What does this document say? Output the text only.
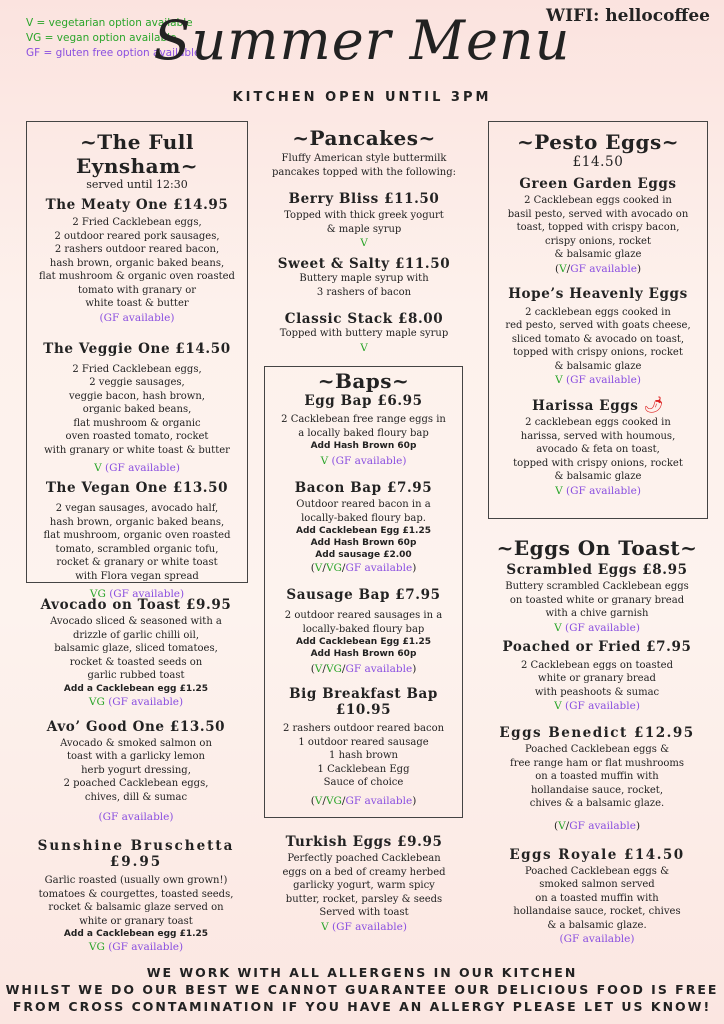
V = vegetarian option available
VG = vegan option available
GF = gluten free option available
WIFI: hellocoffee
Summer Menu
KITCHEN OPEN UNTIL 3PM
~The Full Eynsham~
served until 12:30
The Meaty One £14.95
2 Fried Cacklebean eggs,
2 outdoor reared pork sausages,
2 rashers outdoor reared bacon,
hash brown, organic baked beans,
flat mushroom & organic oven roasted
tomato with granary or
white toast & butter
(GF available)
The Veggie One £14.50
2 Fried Cacklebean eggs,
2 veggie sausages,
veggie bacon, hash brown,
organic baked beans,
flat mushroom & organic
oven roasted tomato, rocket
with granary or white toast & butter
V (GF available)
The Vegan One £13.50
2 vegan sausages, avocado half,
hash brown, organic baked beans,
flat mushroom, organic oven roasted
tomato, scrambled organic tofu,
rocket & granary or white toast
with Flora vegan spread
VG (GF available)
Avocado on Toast £9.95
Avocado sliced & seasoned with a
drizzle of garlic chilli oil,
balsamic glaze, sliced tomatoes,
rocket & toasted seeds on
garlic rubbed toast
Add a Cacklebean egg £1.25
VG (GF available)
Avo’ Good One £13.50
Avocado & smoked salmon on
toast with a garlicky lemon
herb yogurt dressing,
2 poached Cacklebean eggs,
chives, dill & sumac
(GF available)
Sunshine Bruschetta
£9.95
Garlic roasted (usually own grown!)
tomatoes & courgettes, toasted seeds,
rocket & balsamic glaze served on
white or granary toast
Add a Cacklebean egg £1.25
VG (GF available)
~Pancakes~
Fluffy American style buttermilk
pancakes topped with the following:
Berry Bliss £11.50
Topped with thick greek yogurt
& maple syrup
V
Sweet & Salty £11.50
Buttery maple syrup with
3 rashers of bacon
Classic Stack £8.00
Topped with buttery maple syrup
V
~Baps~
Egg Bap £6.95
2 Cacklebean free range eggs in
a locally baked floury bap
Add Hash Brown 60p
V (GF available)
Bacon Bap £7.95
Outdoor reared bacon in a
locally-baked floury bap.
Add Cacklebean Egg £1.25
Add Hash Brown 60p
Add sausage £2.00
(V/VG/GF available)
Sausage Bap £7.95
2 outdoor reared sausages in a
locally-baked floury bap
Add Cacklebean Egg £1.25
Add Hash Brown 60p
(V/VG/GF available)
Big Breakfast Bap £10.95
2 rashers outdoor reared bacon
1 outdoor reared sausage
1 hash brown
1 Cacklebean Egg
Sauce of choice
(V/VG/GF available)
Turkish Eggs £9.95
Perfectly poached Cacklebean
eggs on a bed of creamy herbed
garlicky yogurt, warm spicy
butter, rocket, parsley & seeds
Served with toast
V (GF available)
~Pesto Eggs~
£14.50
Green Garden Eggs
2 Cacklebean eggs cooked in
basil pesto, served with avocado on
toast, topped with crispy bacon,
crispy onions, rocket
& balsamic glaze
(V/GF available)
Hope’s Heavenly Eggs
2 cacklebean eggs cooked in
red pesto, served with goats cheese,
sliced tomato & avocado on toast,
topped with crispy onions, rocket
& balsamic glaze
V (GF available)
Harissa Eggs 🌶
2 cacklebean eggs cooked in
harissa, served with houmous,
avocado & feta on toast,
topped with crispy onions, rocket
& balsamic glaze
V (GF available)
~Eggs On Toast~
Scrambled Eggs £8.95
Buttery scrambled Cacklebean eggs
on toasted white or granary bread
with a chive garnish
V (GF available)
Poached or Fried £7.95
2 Cacklebean eggs on toasted
white or granary bread
with peashoots & sumac
V (GF available)
Eggs Benedict £12.95
Poached Cacklebean eggs &
free range ham or flat mushrooms
on a toasted muffin with
hollandaise sauce, rocket,
chives & a balsamic glaze.
(V/GF available)
Eggs Royale £14.50
Poached Cacklebean eggs &
smoked salmon served
on a toasted muffin with
hollandaise sauce, rocket, chives
& a balsamic glaze.
(GF available)
WE WORK WITH ALL ALLERGENS IN OUR KITCHEN
WHILST WE DO OUR BEST WE CANNOT GUARANTEE OUR DELICIOUS FOOD IS FREE
FROM CROSS CONTAMINATION IF YOU HAVE AN ALLERGY PLEASE LET US KNOW!
